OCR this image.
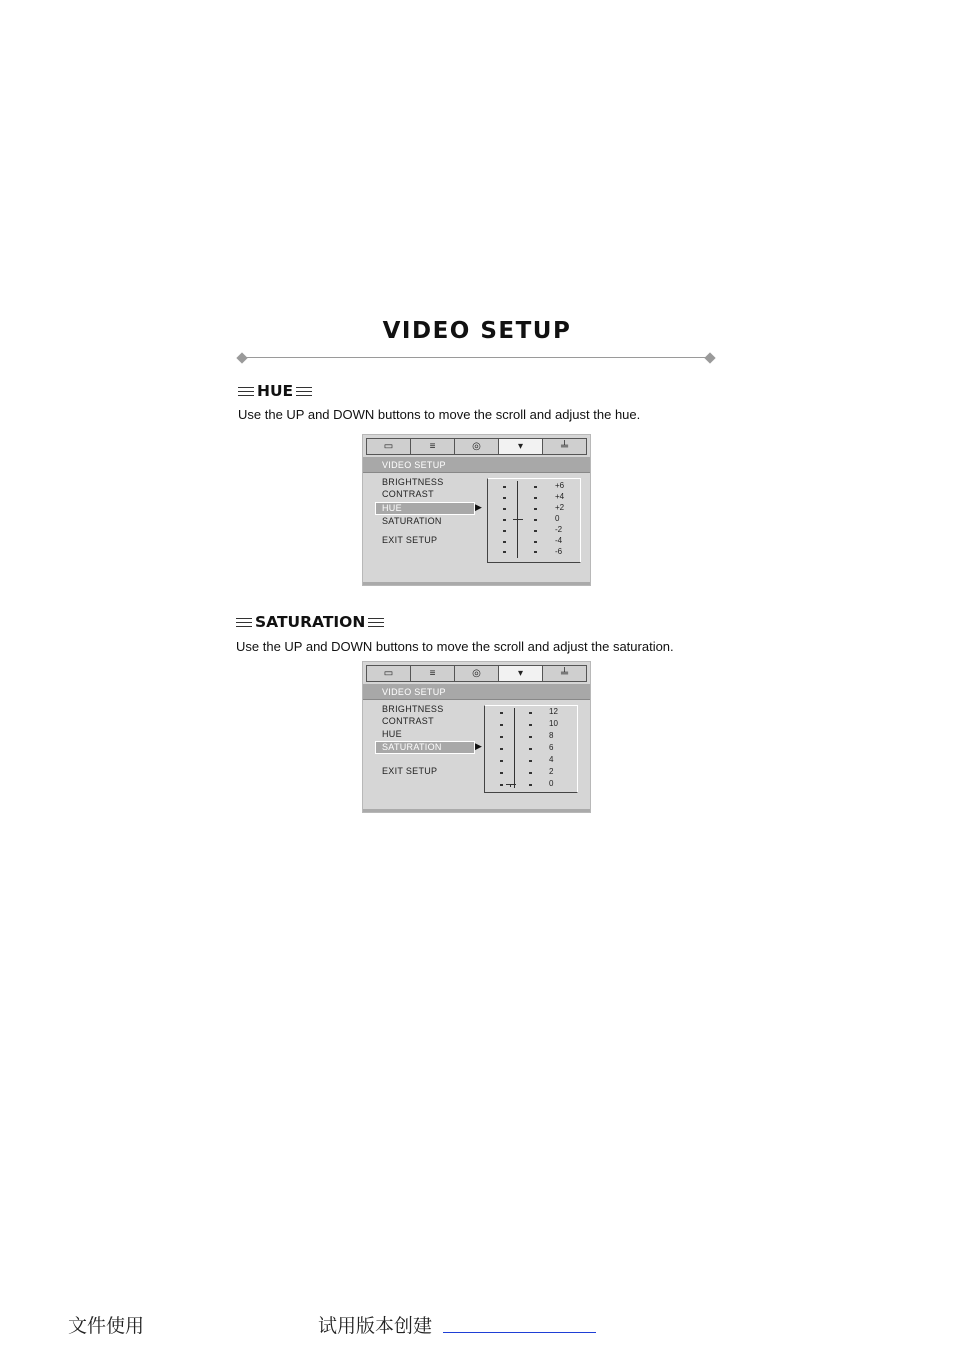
VIDEO SETUP
HUE
Use the UP and DOWN buttons to move the scroll and adjust the hue.
▭	≡	◎	▾	╧
VIDEO SETUP
BRIGHTNESS
CONTRAST
HUE	▶
SATURATION
EXIT SETUP
+6
+4
+2
0
-2
-4
-6
SATURATION
Use the UP and DOWN buttons to move the scroll and adjust the saturation.
▭	≡	◎	▾	╧
VIDEO SETUP
BRIGHTNESS
CONTRAST
HUE
SATURATION	▶
EXIT SETUP
12
10
8
6
4
2
0
文件使用	试用版本创建
